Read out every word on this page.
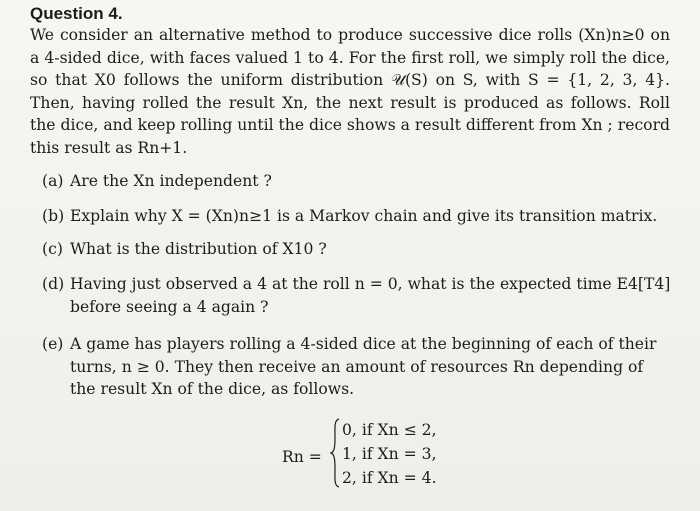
Question 4.
We consider an alternative method to produce successive dice rolls (Xn)n≥0 on
a 4-sided dice, with faces valued 1 to 4. For the first roll, we simply roll the dice,
so that X0 follows the uniform distribution 𝒰(S) on S, with S = {1, 2, 3, 4}.
Then, having rolled the result Xn, the next result is produced as follows. Roll
the dice, and keep rolling until the dice shows a result different from Xn ; record
this result as Rn+1.
(a) Are the Xn independent ?
(b) Explain why X = (Xn)n≥1 is a Markov chain and give its transition matrix.
(c) What is the distribution of X10 ?
(d) Having just observed a 4 at the roll n = 0, what is the expected time E4[T4]
before seeing a 4 again ?
(e) A game has players rolling a 4-sided dice at the beginning of each of their
turns, n ≥ 0. They then receive an amount of resources Rn depending of
the result Xn of the dice, as follows.
Rn =
0, if Xn ≤ 2,
1, if Xn = 3,
2, if Xn = 4.
